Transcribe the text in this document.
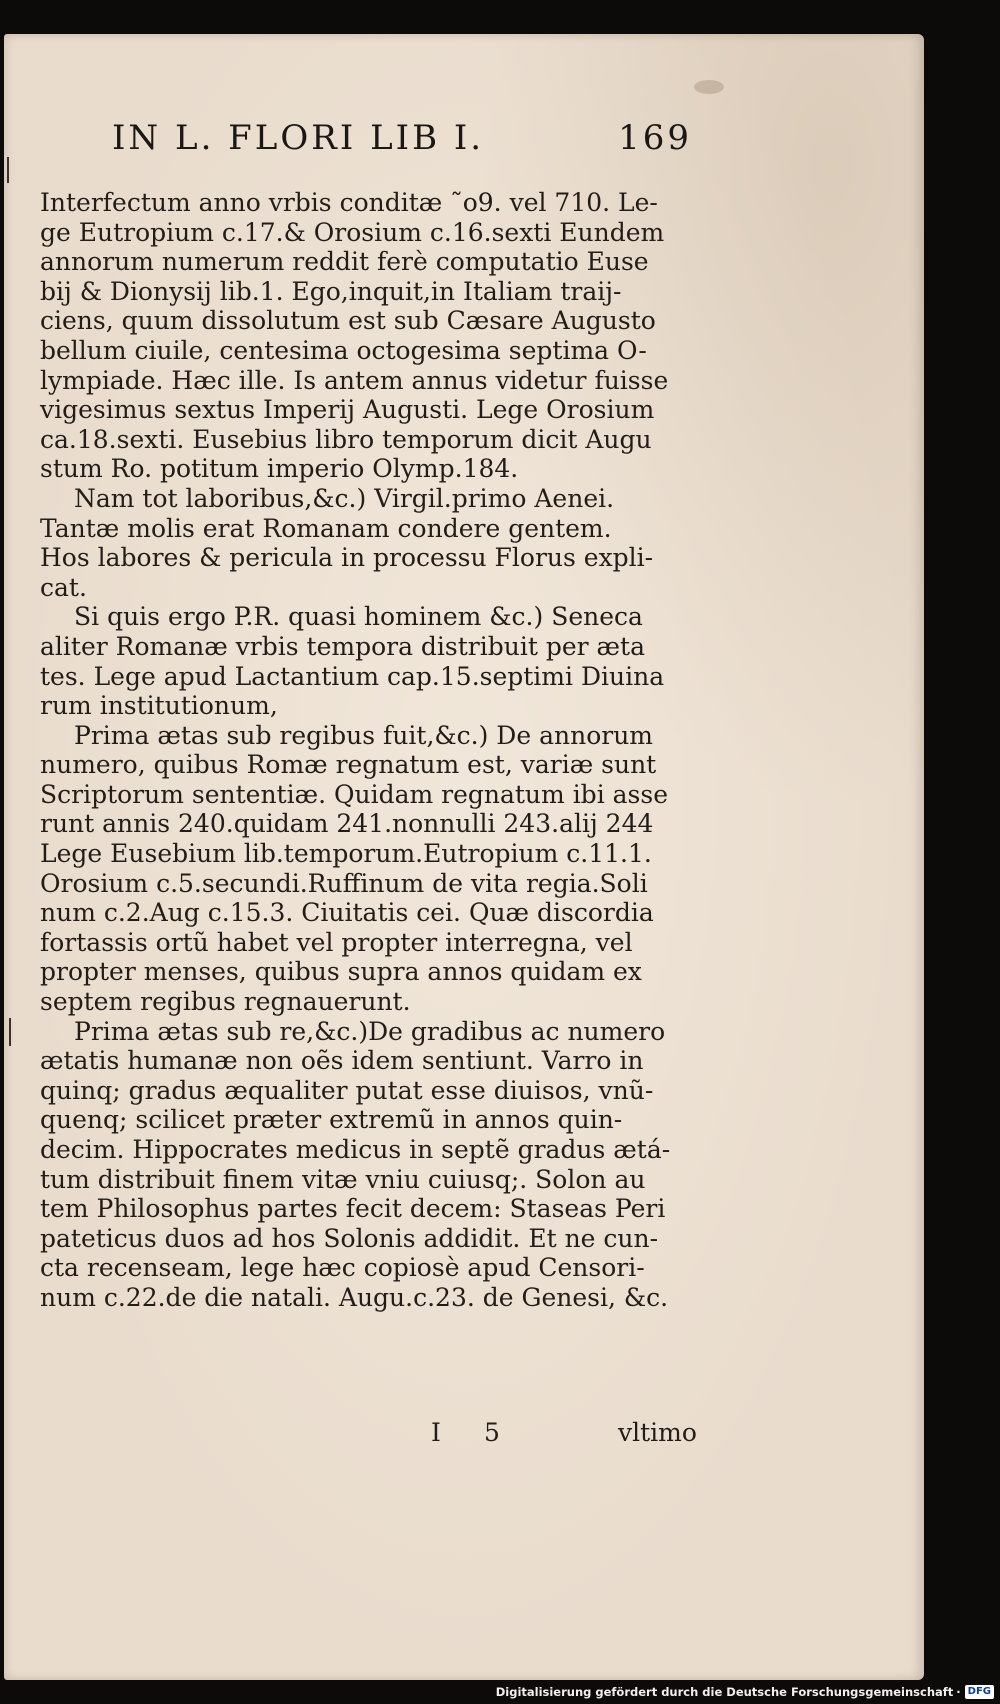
IN L. FLORI LIB I.	169
Interfectum anno vrbis conditæ ˜o9. vel 710. Le-
ge Eutropium c.17.& Orosium c.16.sexti Eundem
annorum numerum reddit ferè computatio Euse
bij & Dionysij lib.1. Ego,inquit,in Italiam traij-
ciens, quum dissolutum est sub Cæsare Augusto
bellum ciuile, centesima octogesima septima O-
lympiade. Hæc ille. Is antem annus videtur fuisse
vigesimus sextus Imperij Augusti. Lege Orosium
ca.18.sexti. Eusebius libro temporum dicit Augu
stum Ro. potitum imperio Olymp.184.
Nam tot laboribus,&c.) Virgil.primo Aenei.
Tantæ molis erat Romanam condere gentem.
Hos labores & pericula in processu Florus expli-
cat.
Si quis ergo P.R. quasi hominem &c.) Seneca
aliter Romanæ vrbis tempora distribuit per æta
tes. Lege apud Lactantium cap.15.septimi Diuina
rum institutionum,
Prima ætas sub regibus fuit,&c.) De annorum
numero, quibus Romæ regnatum est, variæ sunt
Scriptorum sententiæ. Quidam regnatum ibi asse
runt annis 240.quidam 241.nonnulli 243.alij 244
Lege Eusebium lib.temporum.Eutropium c.11.1.
Orosium c.5.secundi.Ruffinum de vita regia.Soli
num c.2.Aug c.15.3. Ciuitatis cei. Quæ discordia
fortassis ortũ habet vel propter interregna, vel
propter menses, quibus supra annos quidam ex
septem regibus regnauerunt.
Prima ætas sub re,&c.)De gradibus ac numero
ætatis humanæ non oẽs idem sentiunt. Varro in
quinq; gradus æqualiter putat esse diuisos, vnũ-
quenq; scilicet præter extremũ in annos quin-
decim. Hippocrates medicus in septẽ gradus ætá-
tum distribuit finem vitæ vniu cuiusq;. Solon au
tem Philosophus partes fecit decem: Staseas Peri
pateticus duos ad hos Solonis addidit. Et ne cun-
cta recenseam, lege hæc copiosè apud Censori-
num c.22.de die natali. Augu.c.23. de Genesi, &c.
I 5	vltimo
Digitalisierung gefördert durch die Deutsche Forschungsgemeinschaft · DFG
